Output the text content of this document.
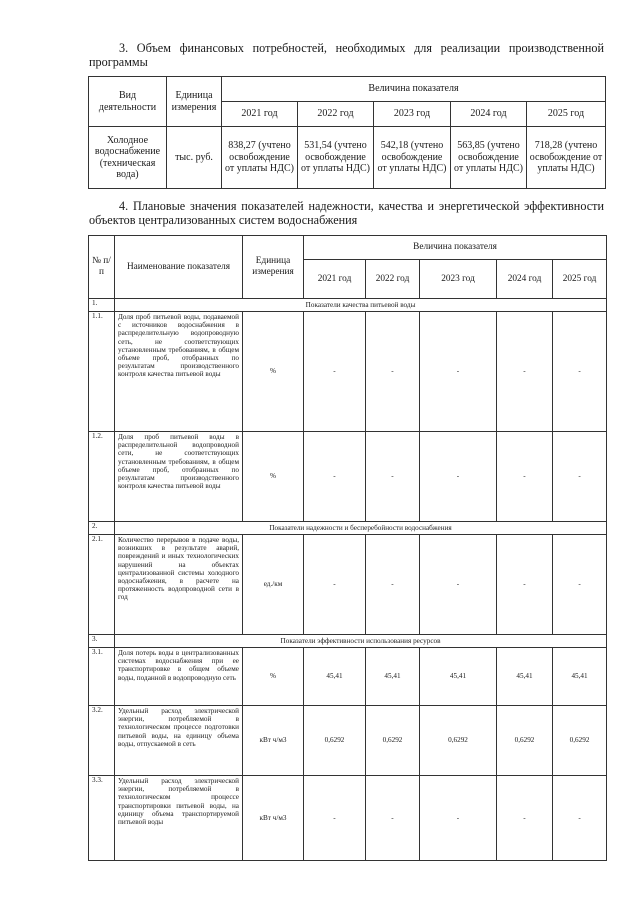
3. Объем финансовых потребностей, необходимых для реализации производственной программы

Вид деятельности	Единица измерения	Величина показателя				
		2021 год	2022 год	2023 год	2024 год	2025 год
Холодное водоснабжение (техническая вода)	тыс. руб.	838,27 (учтено освобождение от уплаты НДС)	531,54 (учтено освобождение от уплаты НДС)	542,18 (учтено освобождение от уплаты НДС)	563,85 (учтено освобождение от уплаты НДС)	718,28 (учтено освобождение от уплаты НДС)

4. Плановые значения показателей надежности, качества и энергетической эффективности объектов централизованных систем водоснабжения

№ п/п	Наименование показателя	Единица измерения	Величина показателя				
			2021 год	2022 год	2023 год	2024 год	2025 год
1.	Показатели качества питьевой воды						
1.1.	Доля проб питьевой воды, подаваемой с источников водоснабжения в распределительную водопроводную сеть, не соответствующих установленным требованиям, в общем объеме проб, отобранных по результатам производственного контроля качества питьевой воды	%	-	-	-	-	-
1.2.	Доля проб питьевой воды в распределительной водопроводной сети, не соответствующих установленным требованиям, в общем объеме проб, отобранных по результатам производственного контроля качества питьевой воды	%	-	-	-	-	-
2.	Показатели надежности и бесперебойности водоснабжения						
2.1.	Количество перерывов в подаче воды, возникших в результате аварий, повреждений и иных технологических нарушений на объектах централизованной системы холодного водоснабжения, в расчете на протяженность водопроводной сети в год	ед./км	-	-	-	-	-
3.	Показатели эффективности использования ресурсов						
3.1.	Доля потерь воды в централизованных системах водоснабжения при ее транспортировке в общем объеме воды, поданной в водопроводную сеть	%	45,41	45,41	45,41	45,41	45,41
3.2.	Удельный расход электрической энергии, потребляемой в технологическом процессе подготовки питьевой воды, на единицу объема воды, отпускаемой в сеть	кВт ч/м3	0,6292	0,6292	0,6292	0,6292	0,6292
3.3.	Удельный расход электрической энергии, потребляемой в технологическом процессе транспортировки питьевой воды, на единицу объема транспортируемой питьевой воды	кВт ч/м3	-	-	-	-	-
